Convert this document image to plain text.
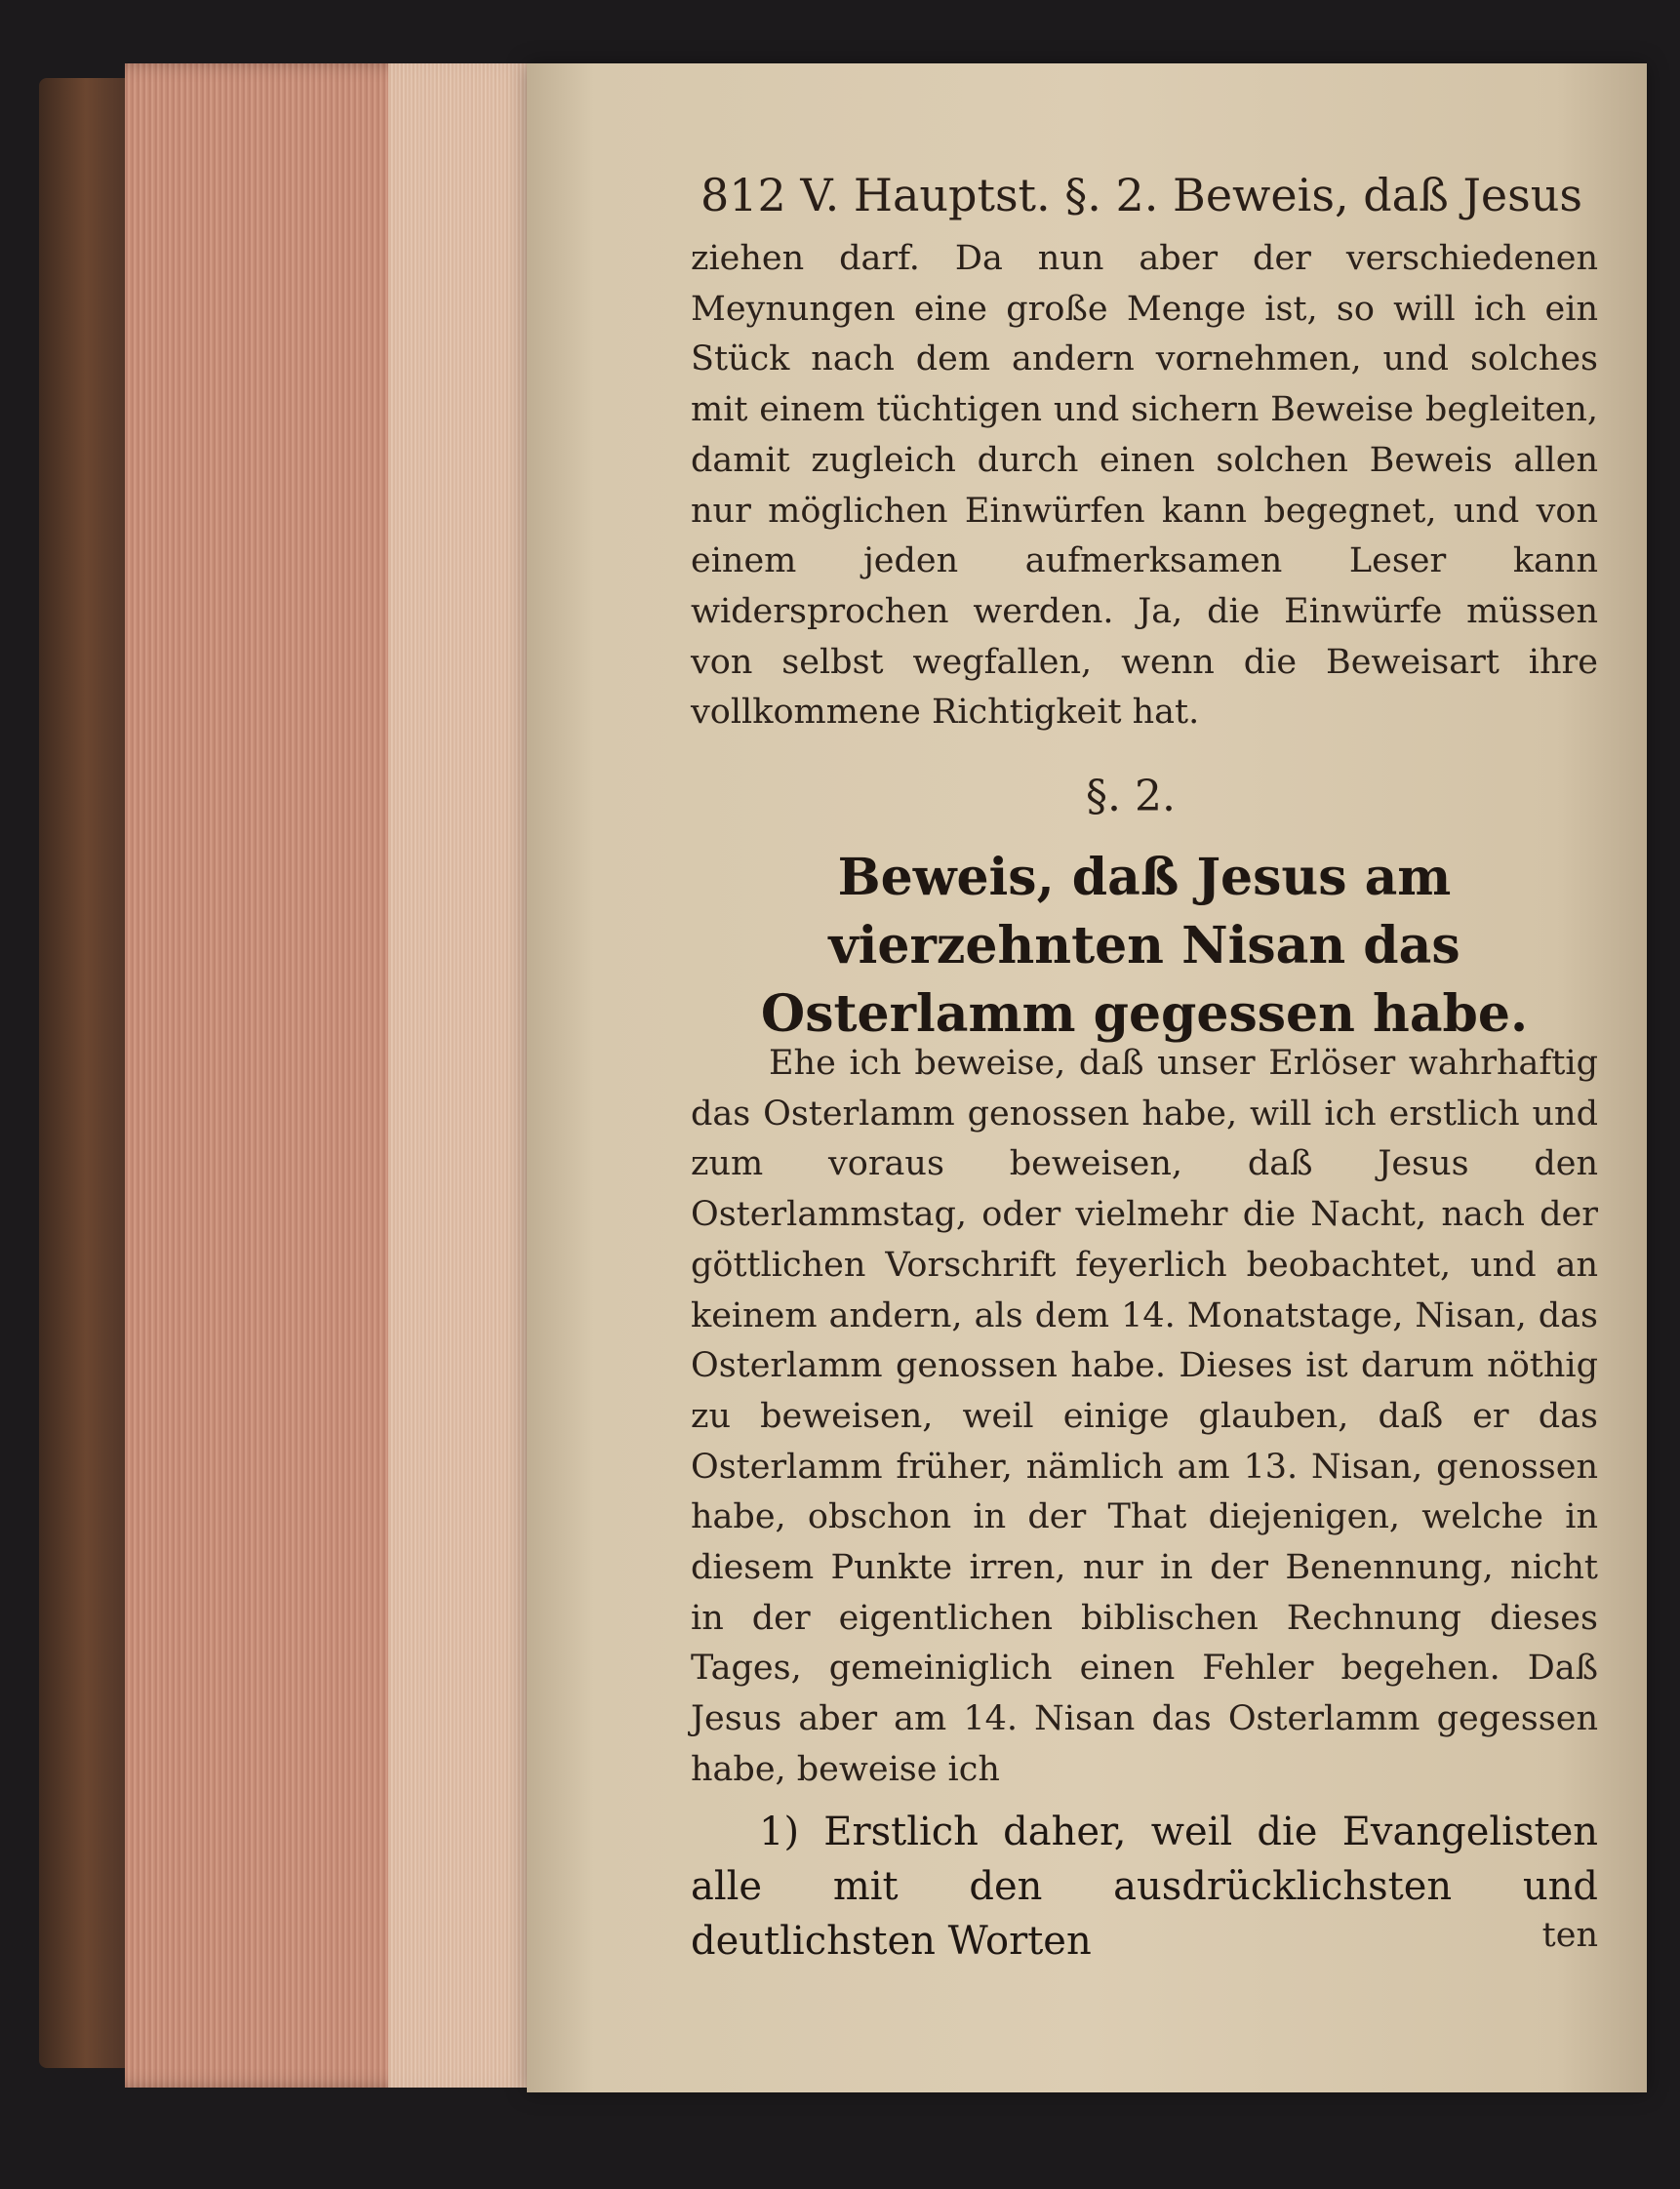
812 V. Hauptst. §. 2. Beweis, daß Jesus

ziehen darf. Da nun aber der verschiedenen Meynungen eine große Menge ist, so will ich ein Stück nach dem andern vornehmen, und solches mit einem tüchtigen und sichern Beweise begleiten, damit zugleich durch einen solchen Beweis allen nur möglichen Einwürfen kann begegnet, und von einem jeden aufmerksamen Leser kann widersprochen werden. Ja, die Einwürfe müssen von selbst wegfallen, wenn die Beweisart ihre vollkommene Richtigkeit hat.

§. 2.
Beweis, daß Jesus am vierzehnten Nisan das Osterlamm gegessen habe.
Ehe ich beweise, daß unser Erlöser wahrhaftig das Osterlamm genossen habe, will ich erstlich und zum voraus beweisen, daß Jesus den Osterlammstag, oder vielmehr die Nacht, nach der göttlichen Vorschrift feyerlich beobachtet, und an keinem andern, als dem 14. Monatstage, Nisan, das Osterlamm genossen habe. Dieses ist darum nöthig zu beweisen, weil einige glauben, daß er das Osterlamm früher, nämlich am 13. Nisan, genossen habe, obschon in der That diejenigen, welche in diesem Punkte irren, nur in der Benennung, nicht in der eigentlichen biblischen Rechnung dieses Tages, gemeiniglich einen Fehler begehen. Daß Jesus aber am 14. Nisan das Osterlamm gegessen habe, beweise ich
1) Erstlich daher, weil die Evangelisten alle mit den ausdrücklichsten und deutlichsten Worten	ten
